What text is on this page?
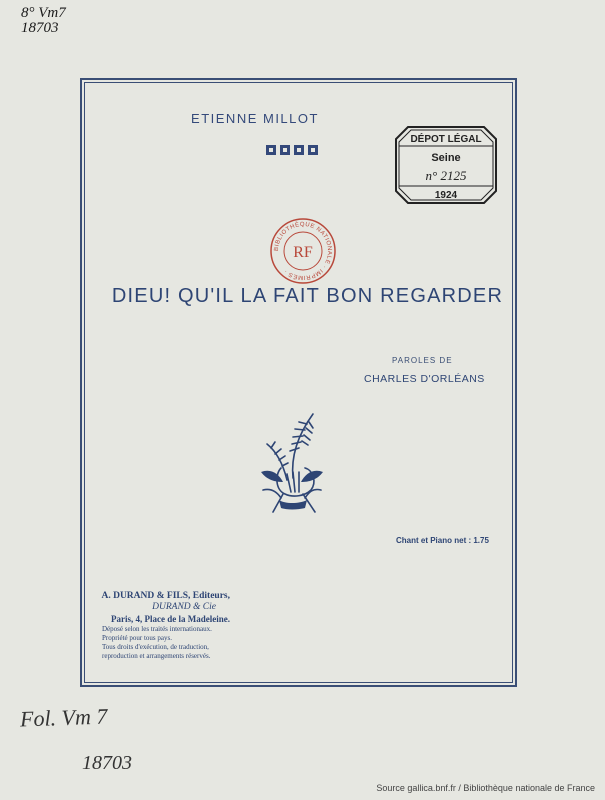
8° Vm7
18703
ETIENNE MILLOT
DÉPOT LÉGAL
Seine
n° 2125
1924
BIBLIOTHÈQUE NATIONALE · IMPRIMÉS ·
RF
DIEU! QU'IL LA FAIT BON REGARDER
PAROLES DE
CHARLES D'ORLÉANS
Chant et Piano net : 1.75
A. DURAND & FILS, Editeurs,
DURAND & Cie
Paris, 4, Place de la Madeleine.
Déposé selon les traités internationaux.
Propriété pour tous pays.
Tous droits d'exécution, de traduction,
reproduction et arrangements réservés.
Fol. Vm 7
18703
Source gallica.bnf.fr / Bibliothèque nationale de France
